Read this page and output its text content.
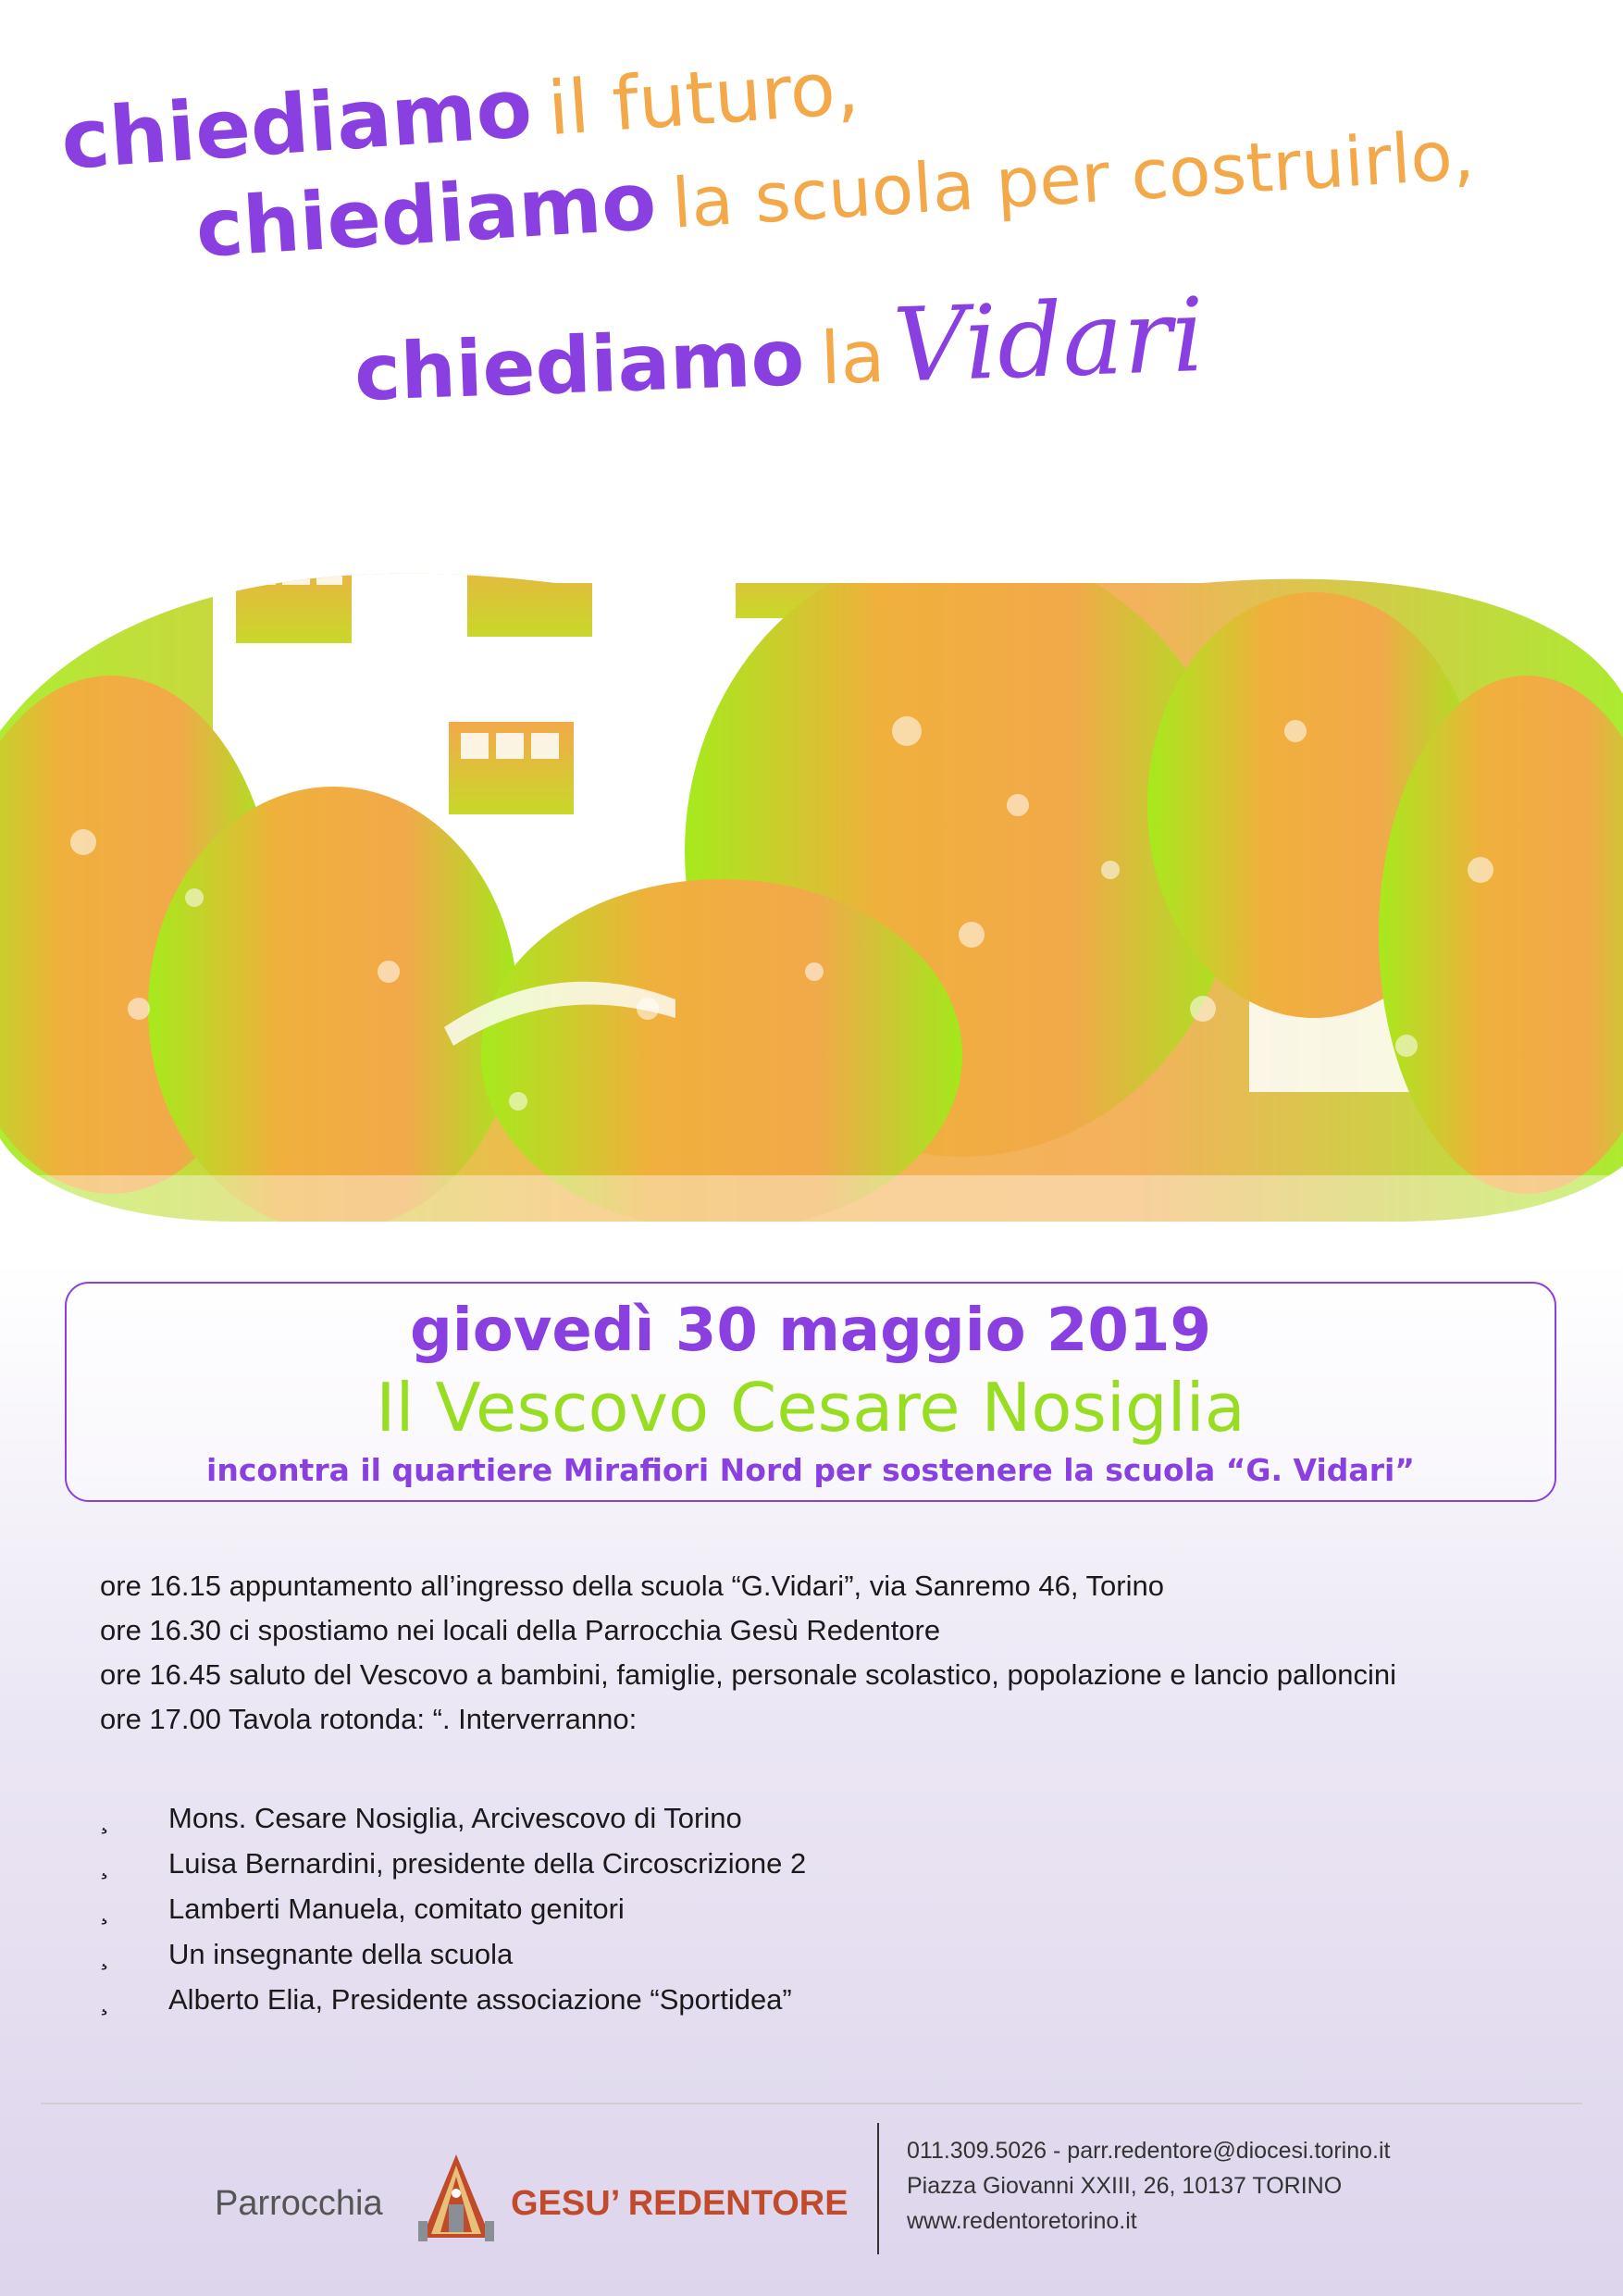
chiediamo il futuro,
chiediamo la scuola per costruirlo,
chiediamo la Vidari
giovedì 30 maggio 2019
Il Vescovo Cesare Nosiglia
incontra il quartiere Mirafiori Nord per sostenere la scuola “G. Vidari”
ore 16.15 appuntamento all’ingresso della scuola “G.Vidari”, via Sanremo 46, Torino
ore 16.30 ci spostiamo nei locali della Parrocchia Gesù Redentore
ore 16.45 saluto del Vescovo a bambini, famiglie, personale scolastico, popolazione e lancio palloncini
ore 17.00 Tavola rotonda: “. Interverranno:
¸	Mons. Cesare Nosiglia, Arcivescovo di Torino
¸	Luisa Bernardini, presidente della Circoscrizione 2
¸	Lamberti Manuela, comitato genitori
¸	Un insegnante della scuola
¸	Alberto Elia, Presidente associazione “Sportidea”
Parrocchia	GESU’ REDENTORE
011.309.5026 - parr.redentore@diocesi.torino.it
Piazza Giovanni XXIII, 26, 10137 TORINO
www.redentoretorino.it
